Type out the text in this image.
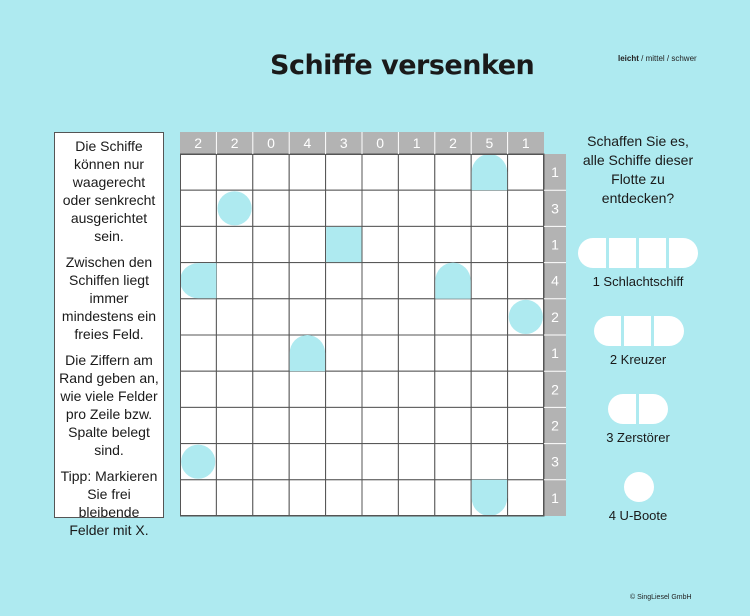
Schiffe versenken	leicht / mittel / schwer

Die Schiffe können nur waagerecht oder senkrecht ausgerichtet sein.

Zwischen den Schiffen liegt immer mindestens ein freies Feld.

Die Ziffern am Rand geben an, wie viele Felder pro Zeile bzw. Spalte belegt sind.

Tipp: Markieren Sie frei bleibende Felder mit X.

2 2 0 4 3 0 1 2 5 1
1
3
1
4
2
1
2
2
3
1
Schaffen Sie es, alle Schiffe dieser Flotte zu entdecken?
1 Schlachtschiff
2 Kreuzer
3 Zerstörer
4 U-Boote
© SingLiesel GmbH
